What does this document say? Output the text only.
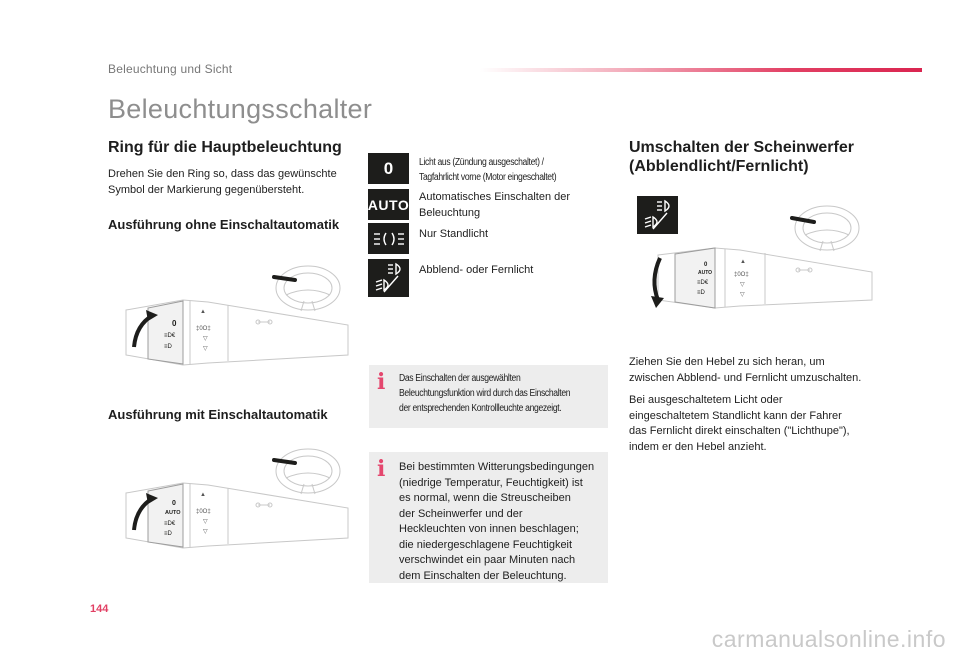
Beleuchtung und Sicht
Beleuchtungsschalter
Ring für die Hauptbeleuchtung
Drehen Sie den Ring so, dass das gewünschte
Symbol der Markierung gegenübersteht.
Ausführung ohne Einschaltautomatik
0
≡D€
≡D
▲
‡0O‡
▽
▽
Ausführung mit Einschaltautomatik
0
AUTO
≡D€
≡D
▲
‡0O‡
▽
▽
0	Licht aus (Zündung ausgeschaltet) /
Tagfahrlicht vorne (Motor eingeschaltet)
AUTO Automatisches Einschalten der
Beleuchtung
Nur Standlicht
Abblend- oder Fernlicht
i Das Einschalten der ausgewählten
Beleuchtungsfunktion wird durch das Einschalten
der entsprechenden Kontrollleuchte angezeigt.
i Bei bestimmten Witterungsbedingungen
(niedrige Temperatur, Feuchtigkeit) ist
es normal, wenn die Streuscheiben
der Scheinwerfer und der
Heckleuchten von innen beschlagen;
die niedergeschlagene Feuchtigkeit
verschwindet ein paar Minuten nach
dem Einschalten der Beleuchtung.
Umschalten der Scheinwerfer
(Abblendlicht/Fernlicht)
0
AUTO
≡D€
≡D
▲
‡0O‡
▽
▽
Ziehen Sie den Hebel zu sich heran, um
zwischen Abblend- und Fernlicht umzuschalten.
Bei ausgeschaltetem Licht oder
eingeschaltetem Standlicht kann der Fahrer
das Fernlicht direkt einschalten ("Lichthupe"),
indem er den Hebel anzieht.
144
carmanualsonline.info
